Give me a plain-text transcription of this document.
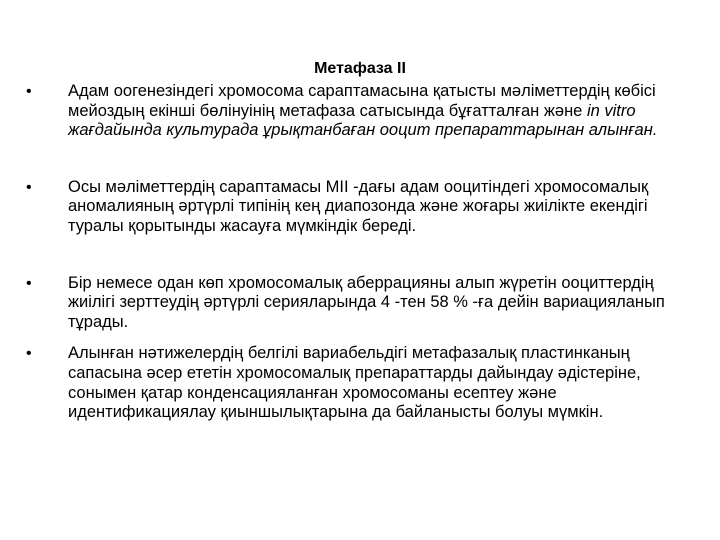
Метафаза II
• Адам оогенезіндегі хромосома сараптамасына қатысты мәліметтердің көбісі мейоздың екінші бөлінуінің метафаза сатысында бұғатталған және in vitro жағдайында культурада ұрықтанбаған ооцит препараттарынан алынған.
• Осы мәліметтердің сараптамасы МІІ -дағы адам ооцитіндегі хромосомалық аномалияның әртүрлі типінің кең диапозонда және жоғары жиілікте екендігі туралы қорытынды жасауға мүмкіндік береді.
• Бір немесе одан көп хромосомалық аберрацияны алып жүретін ооциттердің жиілігі зерттеудің әртүрлі серияларында 4 -тен 58 % -ға дейін вариацияланып тұрады.
• Алынған нәтижелердің белгілі вариабельдігі метафазалық пластинканың сапасына әсер ететін хромосомалық препараттарды дайындау әдістеріне, сонымен қатар конденсацияланған хромосоманы есептеу және идентификациялау қиыншылықтарына да байланысты болуы мүмкін.
